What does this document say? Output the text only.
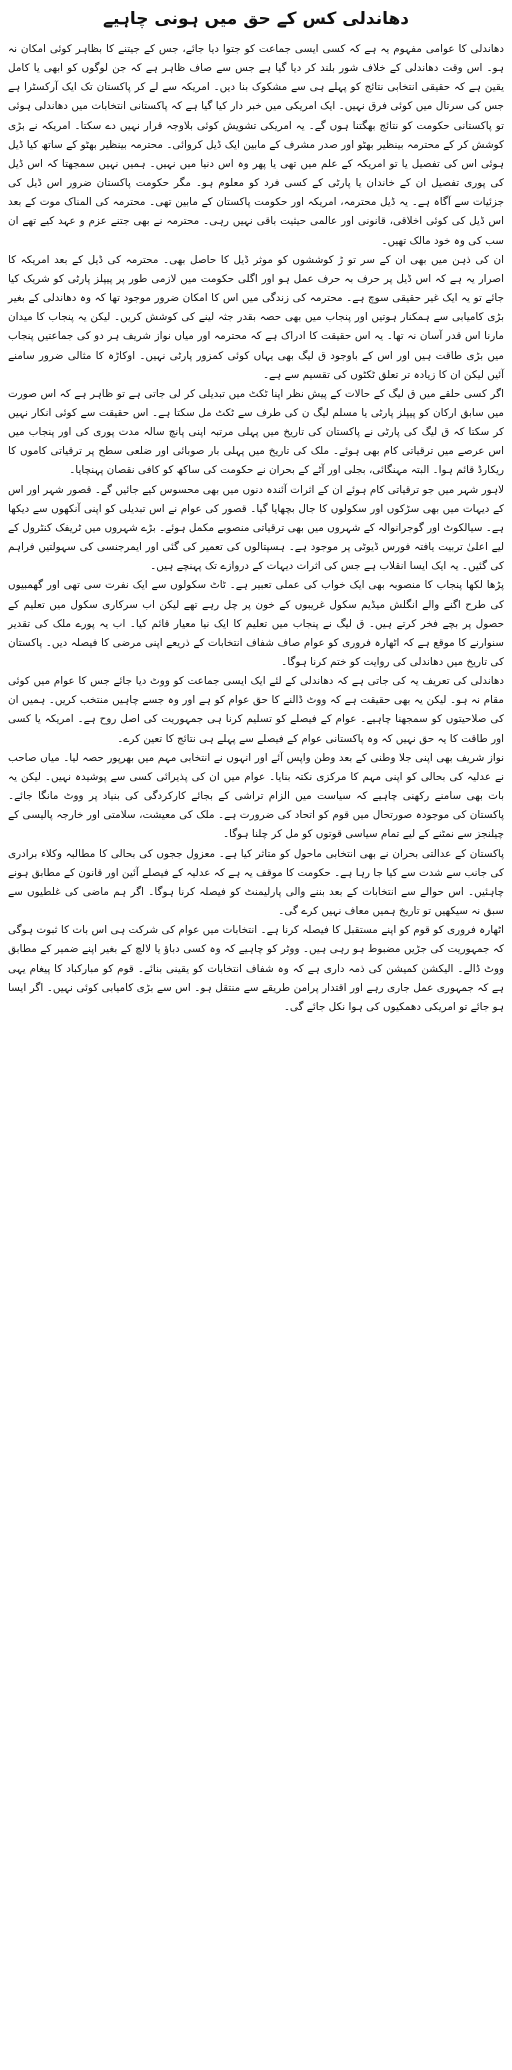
دھاندلی کس کے حق میں ہونی چاہیے

دھاندلی کا عوامی مفہوم یہ ہے کہ کسی ایسی جماعت کو جتوا دیا جائے، جس کے جیتنے کا بظاہر کوئی امکان نہ ہو۔ اس وقت دھاندلی کے خلاف شور بلند کر دیا گیا ہے جس سے صاف ظاہر ہے کہ جن لوگوں کو ابھی یا کامل یقین ہے کہ حقیقی انتخابی نتائج کو پہلے ہی سے مشکوک بنا دیں۔ امریکہ سے لے کر پاکستان تک ایک آرکسٹرا ہے جس کی سرتال میں کوئی فرق نہیں۔ ایک امریکی میں خبر دار کیا گیا ہے کہ پاکستانی انتخابات میں دھاندلی ہوئی تو پاکستانی حکومت کو نتائج بھگتنا ہوں گے۔ یہ امریکی تشویش کوئی بلاوجہ قرار نہیں دے سکتا۔ امریکہ نے بڑی کوشش کر کے محترمہ بینظیر بھٹو اور صدر مشرف کے مابین ایک ڈیل کروائی۔ محترمہ بینظیر بھٹو کے ساتھ کیا ڈیل ہوئی اس کی تفصیل یا تو امریکہ کے علم میں تھی یا پھر وہ اس دنیا میں نہیں۔ ہمیں نہیں سمجھتا کہ اس ڈیل کی پوری تفصیل ان کے خاندان یا پارٹی کے کسی فرد کو معلوم ہو۔ مگر حکومت پاکستان ضرور اس ڈیل کی جزئیات سے آگاہ ہے۔ یہ ڈیل محترمہ، امریکہ اور حکومت پاکستان کے مابین تھی۔ محترمہ کی المناک موت کے بعد اس ڈیل کی کوئی اخلاقی، قانونی اور عالمی حیثیت باقی نہیں رہی۔ محترمہ نے بھی جتنے عزم و عہد کیے تھے ان سب کی وہ خود مالک تھیں۔

ان کی ذہن میں بھی ان کے سر تو ڑ کوششوں کو موثر ڈیل کا حاصل بھی۔ محترمہ کی ڈیل کے بعد امریکہ کا اصرار یہ ہے کہ اس ڈیل پر حرف بہ حرف عمل ہو اور اگلی حکومت میں لازمی طور پر پیپلز پارٹی کو شریک کیا جائے تو یہ ایک غیر حقیقی سوچ ہے۔ محترمہ کی زندگی میں اس کا امکان ضرور موجود تھا کہ وہ دھاندلی کے بغیر بڑی کامیابی سے ہمکنار ہوتیں اور پنجاب میں بھی حصہ بقدر جثہ لینے کی کوشش کریں۔ لیکن یہ پنجاب کا میدان مارنا اس قدر آسان نہ تھا۔ یہ اس حقیقت کا ادراک ہے کہ محترمہ اور میاں نواز شریف ہر دو کی جماعتیں پنجاب میں بڑی طاقت ہیں اور اس کے باوجود ق لیگ بھی یہاں کوئی کمزور پارٹی نہیں۔ اوکاڑہ کا مثالی ضرور سامنے آئیں لیکن ان کا زیادہ تر تعلق ٹکٹوں کی تقسیم سے ہے۔

اگر کسی حلقے میں ق لیگ کے حالات کے پیش نظر اپنا ٹکٹ میں تبدیلی کر لی جاتی ہے تو ظاہر ہے کہ اس صورت میں سابق ارکان کو پیپلز پارٹی یا مسلم لیگ ن کی طرف سے ٹکٹ مل سکتا ہے۔ اس حقیقت سے کوئی انکار نہیں کر سکتا کہ ق لیگ کی پارٹی نے پاکستان کی تاریخ میں پہلی مرتبہ اپنی پانچ سالہ مدت پوری کی اور پنجاب میں اس عرصے میں ترقیاتی کام بھی ہوئے۔ ملک کی تاریخ میں پہلی بار صوبائی اور ضلعی سطح پر ترقیاتی کاموں کا ریکارڈ قائم ہوا۔ البتہ مہنگائی، بجلی اور آٹے کے بحران نے حکومت کی ساکھ کو کافی نقصان پہنچایا۔

لاہور شہر میں جو ترقیاتی کام ہوئے ان کے اثرات آئندہ دنوں میں بھی محسوس کیے جائیں گے۔ قصور شہر اور اس کے دیہات میں بھی سڑکوں اور سکولوں کا جال بچھایا گیا۔ قصور کی عوام نے اس تبدیلی کو اپنی آنکھوں سے دیکھا ہے۔ سیالکوٹ اور گوجرانوالہ کے شہروں میں بھی ترقیاتی منصوبے مکمل ہوئے۔ بڑے شہروں میں ٹریفک کنٹرول کے لیے اعلیٰ تربیت یافتہ فورس ڈیوٹی پر موجود ہے۔ ہسپتالوں کی تعمیر کی گئی اور ایمرجنسی کی سہولتیں فراہم کی گئیں۔ یہ ایک ایسا انقلاب ہے جس کی اثرات دیہات کے دروازے تک پہنچے ہیں۔

پڑھا لکھا پنجاب کا منصوبہ بھی ایک خواب کی عملی تعبیر ہے۔ ٹاٹ سکولوں سے ایک نفرت سی تھی اور گھمبیوں کی طرح اگنے والے انگلش میڈیم سکول غریبوں کے خون پر چل رہے تھے لیکن اب سرکاری سکول میں تعلیم کے حصول پر بچے فخر کرتے ہیں۔ ق لیگ نے پنجاب میں تعلیم کا ایک نیا معیار قائم کیا۔ اب یہ پورے ملک کی تقدیر سنوارنے کا موقع ہے کہ اٹھارہ فروری کو عوام صاف شفاف انتخابات کے ذریعے اپنی مرضی کا فیصلہ دیں۔ پاکستان کی تاریخ میں دھاندلی کی روایت کو ختم کرنا ہوگا۔

دھاندلی کی تعریف یہ کی جاتی ہے کہ دھاندلی کے لئے ایک ایسی جماعت کو ووٹ دیا جائے جس کا عوام میں کوئی مقام نہ ہو۔ لیکن یہ بھی حقیقت ہے کہ ووٹ ڈالنے کا حق عوام کو ہے اور وہ جسے چاہیں منتخب کریں۔ ہمیں ان کی صلاحیتوں کو سمجھنا چاہیے۔ عوام کے فیصلے کو تسلیم کرنا ہی جمہوریت کی اصل روح ہے۔ امریکہ یا کسی اور طاقت کا یہ حق نہیں کہ وہ پاکستانی عوام کے فیصلے سے پہلے ہی نتائج کا تعین کرے۔

نواز شریف بھی اپنی جلا وطنی کے بعد وطن واپس آئے اور انہوں نے انتخابی مہم میں بھرپور حصہ لیا۔ میاں صاحب نے عدلیہ کی بحالی کو اپنی مہم کا مرکزی نکتہ بنایا۔ عوام میں ان کی پذیرائی کسی سے پوشیدہ نہیں۔ لیکن یہ بات بھی سامنے رکھنی چاہیے کہ سیاست میں الزام تراشی کے بجائے کارکردگی کی بنیاد پر ووٹ مانگا جائے۔ پاکستان کی موجودہ صورتحال میں قوم کو اتحاد کی ضرورت ہے۔ ملک کی معیشت، سلامتی اور خارجہ پالیسی کے چیلنجز سے نمٹنے کے لیے تمام سیاسی قوتوں کو مل کر چلنا ہوگا۔

پاکستان کے عدالتی بحران نے بھی انتخابی ماحول کو متاثر کیا ہے۔ معزول ججوں کی بحالی کا مطالبہ وکلاء برادری کی جانب سے شدت سے کیا جا رہا ہے۔ حکومت کا موقف یہ ہے کہ عدلیہ کے فیصلے آئین اور قانون کے مطابق ہونے چاہئیں۔ اس حوالے سے انتخابات کے بعد بننے والی پارلیمنٹ کو فیصلہ کرنا ہوگا۔ اگر ہم ماضی کی غلطیوں سے سبق نہ سیکھیں تو تاریخ ہمیں معاف نہیں کرے گی۔

اٹھارہ فروری کو قوم کو اپنے مستقبل کا فیصلہ کرنا ہے۔ انتخابات میں عوام کی شرکت ہی اس بات کا ثبوت ہوگی کہ جمہوریت کی جڑیں مضبوط ہو رہی ہیں۔ ووٹر کو چاہیے کہ وہ کسی دباؤ یا لالچ کے بغیر اپنے ضمیر کے مطابق ووٹ ڈالے۔ الیکشن کمیشن کی ذمہ داری ہے کہ وہ شفاف انتخابات کو یقینی بنائے۔ قوم کو مبارکباد کا پیغام یہی ہے کہ جمہوری عمل جاری رہے اور اقتدار پرامن طریقے سے منتقل ہو۔ اس سے بڑی کامیابی کوئی نہیں۔ اگر ایسا ہو جائے تو امریکی دھمکیوں کی ہوا نکل جائے گی۔
